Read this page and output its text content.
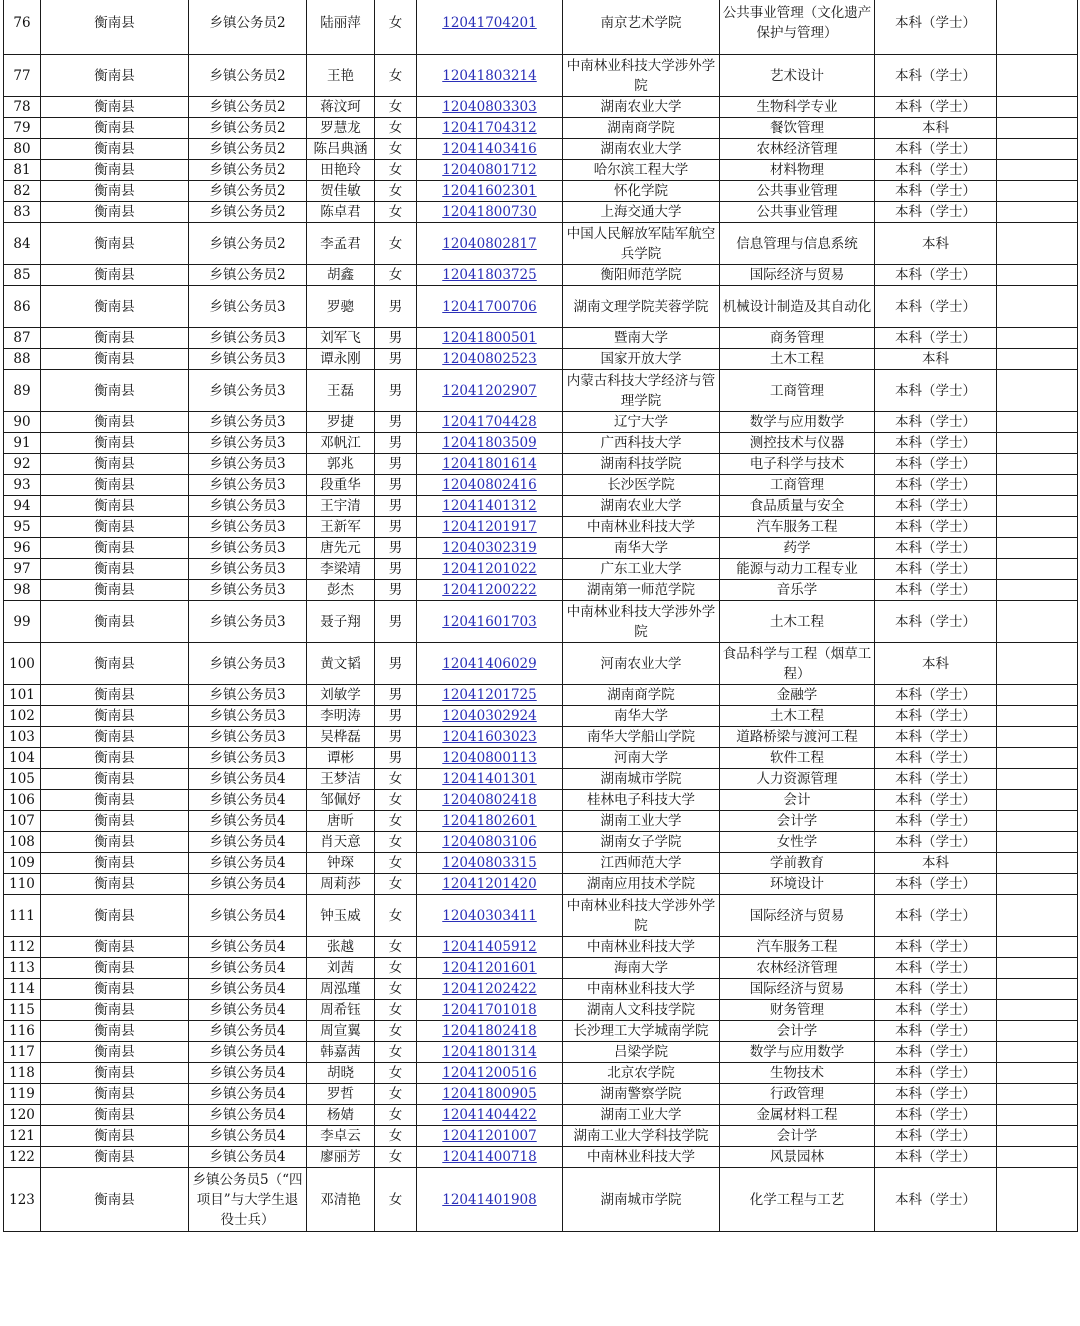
76	衡南县	乡镇公务员2	陆丽萍	女	12041704201	南京艺术学院	公共事业管理（文化遗产保护与管理）	本科（学士）	
77	衡南县	乡镇公务员2	王艳	女	12041803214	中南林业科技大学涉外学院	艺术设计	本科（学士）	
78	衡南县	乡镇公务员2	蒋汶珂	女	12040803303	湖南农业大学	生物科学专业	本科（学士）	
79	衡南县	乡镇公务员2	罗慧龙	女	12041704312	湖南商学院	餐饮管理	本科	
80	衡南县	乡镇公务员2	陈吕典涵	女	12041403416	湖南农业大学	农林经济管理	本科（学士）	
81	衡南县	乡镇公务员2	田艳玲	女	12040801712	哈尔滨工程大学	材料物理	本科（学士）	
82	衡南县	乡镇公务员2	贺佳敏	女	12041602301	怀化学院	公共事业管理	本科（学士）	
83	衡南县	乡镇公务员2	陈卓君	女	12041800730	上海交通大学	公共事业管理	本科（学士）	
84	衡南县	乡镇公务员2	李孟君	女	12040802817	中国人民解放军陆军航空兵学院	信息管理与信息系统	本科	
85	衡南县	乡镇公务员2	胡鑫	女	12041803725	衡阳师范学院	国际经济与贸易	本科（学士）	
86	衡南县	乡镇公务员3	罗骢	男	12041700706	湖南文理学院芙蓉学院	机械设计制造及其自动化	本科（学士）	
87	衡南县	乡镇公务员3	刘军飞	男	12041800501	暨南大学	商务管理	本科（学士）	
88	衡南县	乡镇公务员3	谭永刚	男	12040802523	国家开放大学	土木工程	本科	
89	衡南县	乡镇公务员3	王磊	男	12041202907	内蒙古科技大学经济与管理学院	工商管理	本科（学士）	
90	衡南县	乡镇公务员3	罗捷	男	12041704428	辽宁大学	数学与应用数学	本科（学士）	
91	衡南县	乡镇公务员3	邓帆江	男	12041803509	广西科技大学	测控技术与仪器	本科（学士）	
92	衡南县	乡镇公务员3	郭兆	男	12041801614	湖南科技学院	电子科学与技术	本科（学士）	
93	衡南县	乡镇公务员3	段重华	男	12040802416	长沙医学院	工商管理	本科（学士）	
94	衡南县	乡镇公务员3	王宇清	男	12041401312	湖南农业大学	食品质量与安全	本科（学士）	
95	衡南县	乡镇公务员3	王新军	男	12041201917	中南林业科技大学	汽车服务工程	本科（学士）	
96	衡南县	乡镇公务员3	唐先元	男	12040302319	南华大学	药学	本科（学士）	
97	衡南县	乡镇公务员3	李梁靖	男	12041201022	广东工业大学	能源与动力工程专业	本科（学士）	
98	衡南县	乡镇公务员3	彭杰	男	12041200222	湖南第一师范学院	音乐学	本科（学士）	
99	衡南县	乡镇公务员3	聂子翔	男	12041601703	中南林业科技大学涉外学院	土木工程	本科（学士）	
100	衡南县	乡镇公务员3	黄文韬	男	12041406029	河南农业大学	食品科学与工程（烟草工程）	本科	
101	衡南县	乡镇公务员3	刘敏学	男	12041201725	湖南商学院	金融学	本科（学士）	
102	衡南县	乡镇公务员3	李明涛	男	12040302924	南华大学	土木工程	本科（学士）	
103	衡南县	乡镇公务员3	吴桦磊	男	12041603023	南华大学船山学院	道路桥梁与渡河工程	本科（学士）	
104	衡南县	乡镇公务员3	谭彬	男	12040800113	河南大学	软件工程	本科（学士）	
105	衡南县	乡镇公务员4	王梦洁	女	12041401301	湖南城市学院	人力资源管理	本科（学士）	
106	衡南县	乡镇公务员4	邹佩妤	女	12040802418	桂林电子科技大学	会计	本科（学士）	
107	衡南县	乡镇公务员4	唐昕	女	12041802601	湖南工业大学	会计学	本科（学士）	
108	衡南县	乡镇公务员4	肖天意	女	12040803106	湖南女子学院	女性学	本科（学士）	
109	衡南县	乡镇公务员4	钟琛	女	12040803315	江西师范大学	学前教育	本科	
110	衡南县	乡镇公务员4	周莉莎	女	12041201420	湖南应用技术学院	环境设计	本科（学士）	
111	衡南县	乡镇公务员4	钟玉威	女	12040303411	中南林业科技大学涉外学院	国际经济与贸易	本科（学士）	
112	衡南县	乡镇公务员4	张越	女	12041405912	中南林业科技大学	汽车服务工程	本科（学士）	
113	衡南县	乡镇公务员4	刘茜	女	12041201601	海南大学	农林经济管理	本科（学士）	
114	衡南县	乡镇公务员4	周泓瑾	女	12041202422	中南林业科技大学	国际经济与贸易	本科（学士）	
115	衡南县	乡镇公务员4	周希钰	女	12041701018	湖南人文科技学院	财务管理	本科（学士）	
116	衡南县	乡镇公务员4	周宣翼	女	12041802418	长沙理工大学城南学院	会计学	本科（学士）	
117	衡南县	乡镇公务员4	韩嘉茜	女	12041801314	吕梁学院	数学与应用数学	本科（学士）	
118	衡南县	乡镇公务员4	胡晓	女	12041200516	北京农学院	生物技术	本科（学士）	
119	衡南县	乡镇公务员4	罗哲	女	12041800905	湖南警察学院	行政管理	本科（学士）	
120	衡南县	乡镇公务员4	杨婧	女	12041404422	湖南工业大学	金属材料工程	本科（学士）	
121	衡南县	乡镇公务员4	李卓云	女	12041201007	湖南工业大学科技学院	会计学	本科（学士）	
122	衡南县	乡镇公务员4	廖丽芳	女	12041400718	中南林业科技大学	风景园林	本科（学士）	
123	衡南县	乡镇公务员5（“四项目”与大学生退役士兵）	邓清艳	女	12041401908	湖南城市学院	化学工程与工艺	本科（学士）	
